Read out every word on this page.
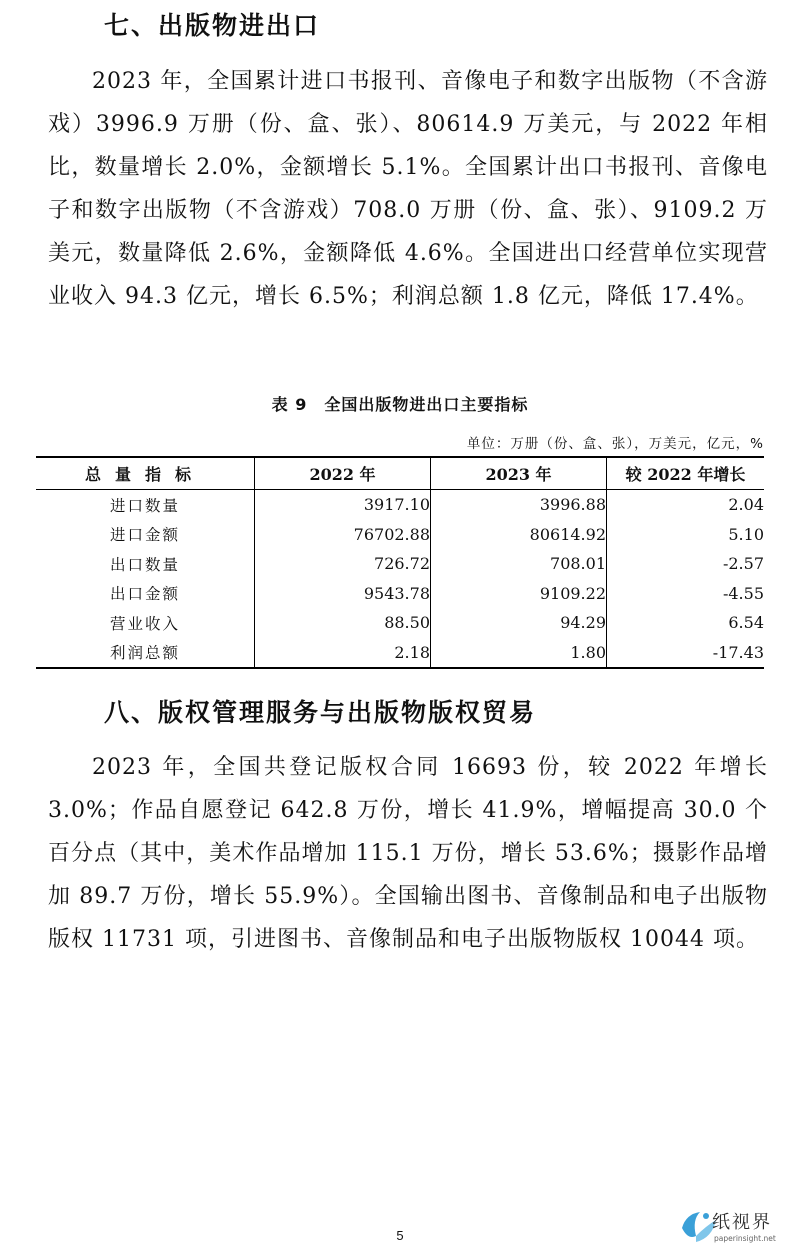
七、出版物进出口

2023 年，全国累计进口书报刊、音像电子和数字出版物（不含游戏）3996.9 万册（份、盒、张）、80614.9 万美元，与 2022 年相比，数量增长 2.0%，金额增长 5.1%。全国累计出口书报刊、音像电子和数字出版物（不含游戏）708.0 万册（份、盒、张）、9109.2 万美元，数量降低 2.6%，金额降低 4.6%。全国进出口经营单位实现营业收入 94.3 亿元，增长 6.5%；利润总额 1.8 亿元，降低 17.4%。

表 9　全国出版物进出口主要指标
单位：万册（份、盒、张），万美元，亿元，%
总量指标	2022 年	2023 年	较 2022 年增长
进口数量	3917.10	3996.88	2.04
进口金额	76702.88	80614.92	5.10
出口数量	726.72	708.01	-2.57
出口金额	9543.78	9109.22	-4.55
营业收入	88.50	94.29	6.54
利润总额	2.18	1.80	-17.43
八、版权管理服务与出版物版权贸易

2023 年，全国共登记版权合同 16693 份，较 2022 年增长 3.0%；作品自愿登记 642.8 万份，增长 41.9%，增幅提高 30.0 个百分点（其中，美术作品增加 115.1 万份，增长 53.6%；摄影作品增加 89.7 万份，增长 55.9%）。全国输出图书、音像制品和电子出版物版权 11731 项，引进图书、音像制品和电子出版物版权 10044 项。

5
纸视界
paperinsight.net
